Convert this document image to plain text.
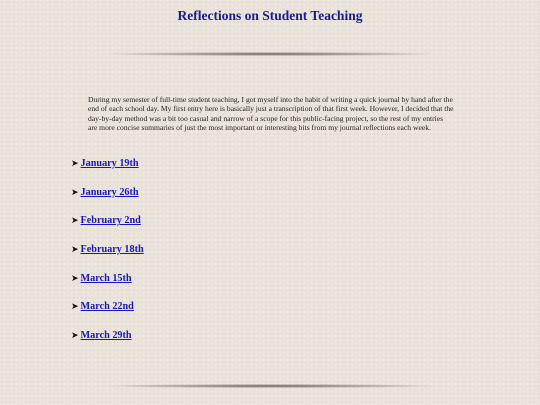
Reflections on Student Teaching

During my semester of full-time student teaching, I got myself into the habit of writing a quick journal by hand after the end of each school day. My first entry here is basically just a transcription of that first week. However, I decided that the day-by-day method was a bit too casual and narrow of a scope for this public-facing project, so the rest of my entries are more concise summaries of just the most important or interesting bits from my journal reflections each week.

➤ January 19th
➤ January 26th
➤ February 2nd
➤ February 18th
➤ March 15th
➤ March 22nd
➤ March 29th
